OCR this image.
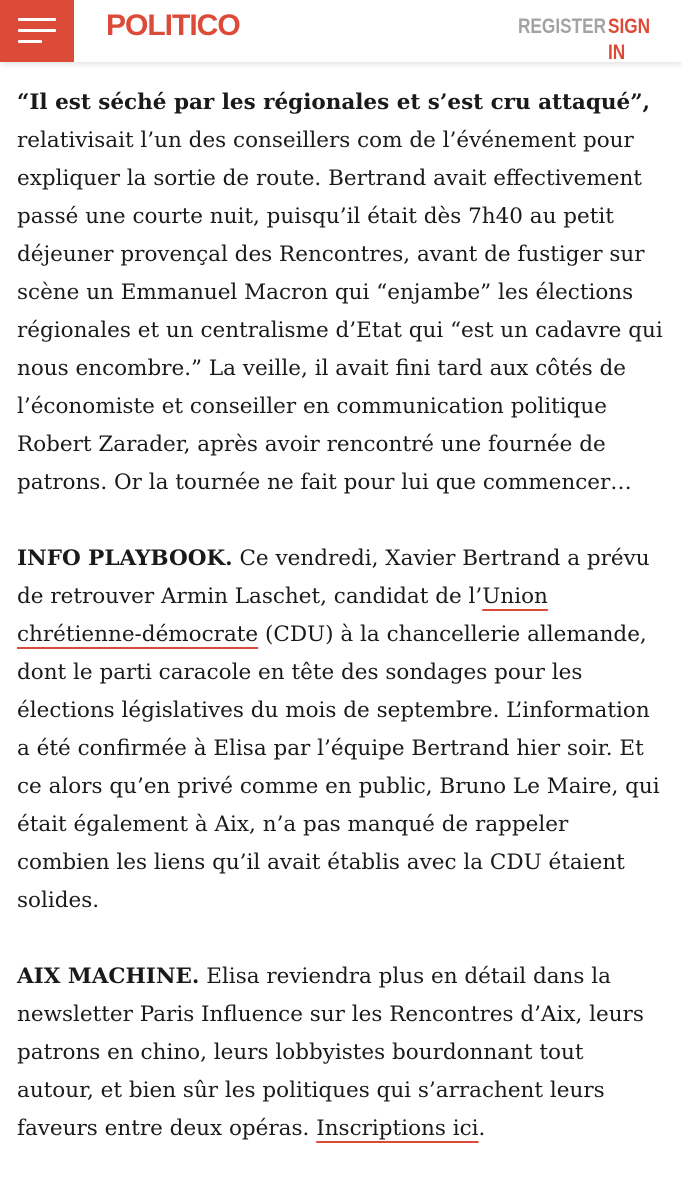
POLITICO	REGISTER SIGN IN

“Il est séché par les régionales et s’est cru attaqué”, relativisait l’un des conseillers com de l’événement pour expliquer la sortie de route. Bertrand avait effectivement passé une courte nuit, puisqu’il était dès 7h40 au petit déjeuner provençal des Rencontres, avant de fustiger sur scène un Emmanuel Macron qui “enjambe” les élections régionales et un centralisme d’Etat qui “est un cadavre qui nous encombre.” La veille, il avait fini tard aux côtés de l’économiste et conseiller en communication politique Robert Zarader, après avoir rencontré une fournée de patrons. Or la tournée ne fait pour lui que commencer…

INFO PLAYBOOK. Ce vendredi, Xavier Bertrand a prévu de retrouver Armin Laschet, candidat de l’Union chrétienne-démocrate (CDU) à la chancellerie allemande, dont le parti caracole en tête des sondages pour les élections législatives du mois de septembre. L’information a été confirmée à Elisa par l’équipe Bertrand hier soir. Et ce alors qu’en privé comme en public, Bruno Le Maire, qui était également à Aix, n’a pas manqué de rappeler combien les liens qu’il avait établis avec la CDU étaient solides.

AIX MACHINE. Elisa reviendra plus en détail dans la newsletter Paris Influence sur les Rencontres d’Aix, leurs patrons en chino, leurs lobbyistes bourdonnant tout autour, et bien sûr les politiques qui s’arrachent leurs faveurs entre deux opéras. Inscriptions ici.
